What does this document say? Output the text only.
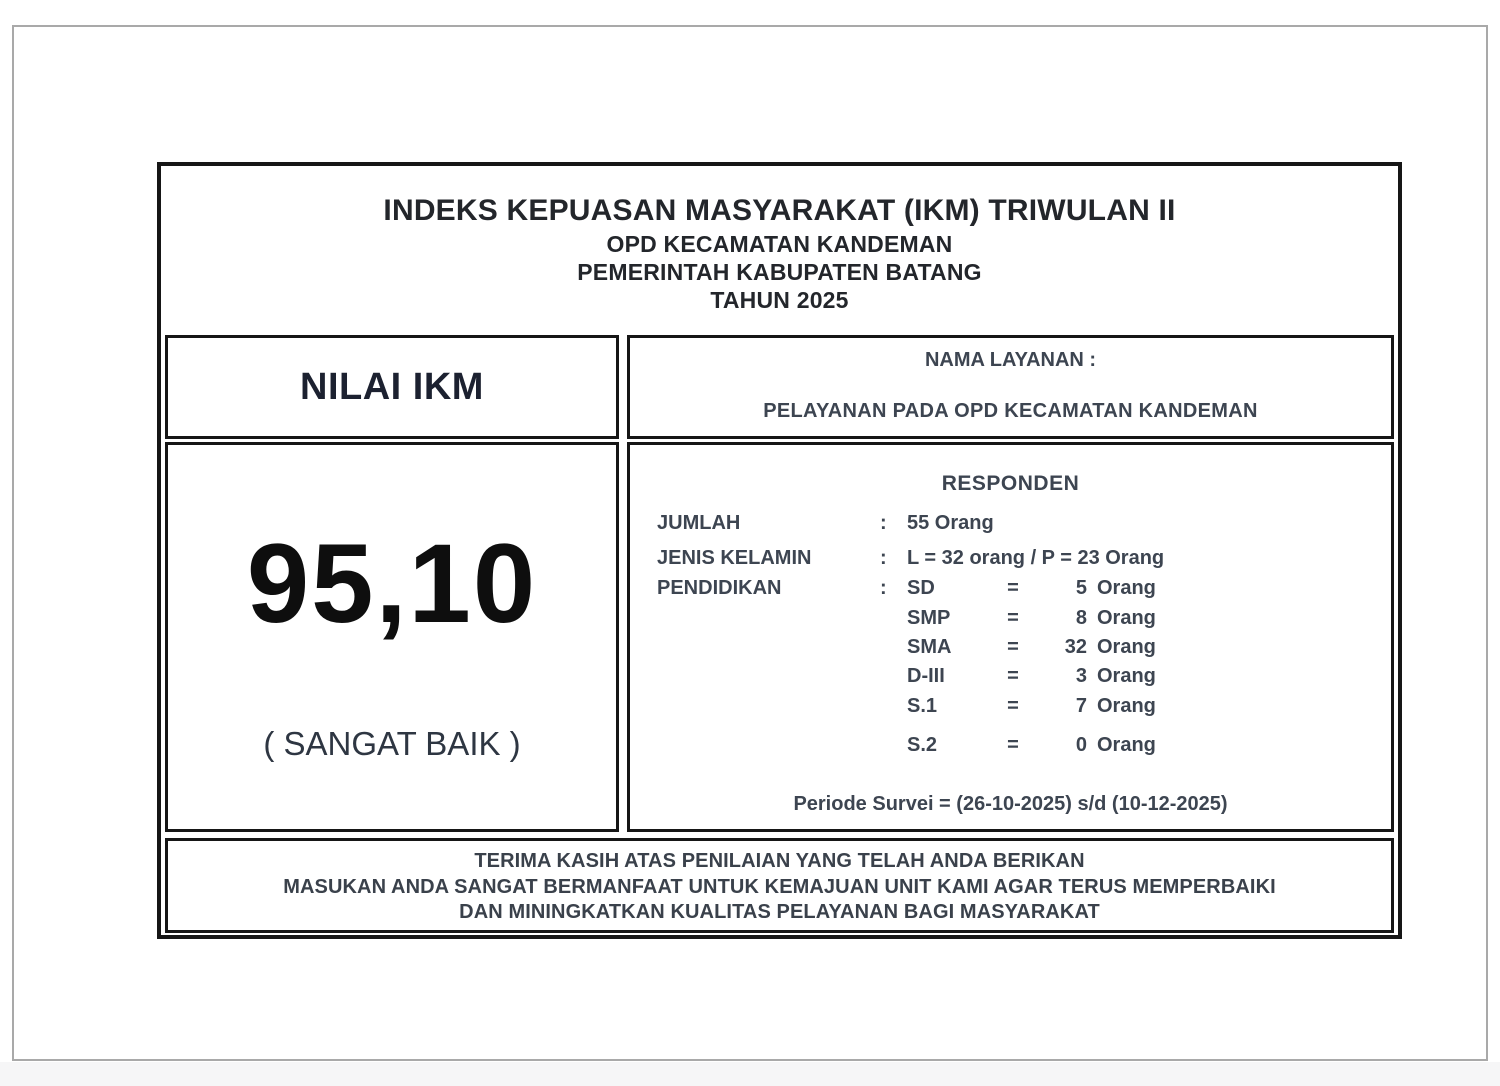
INDEKS KEPUASAN MASYARAKAT (IKM) TRIWULAN II
OPD KECAMATAN KANDEMAN
PEMERINTAH KABUPATEN BATANG
TAHUN 2025
NILAI IKM
95,10
( SANGAT BAIK )
NAMA LAYANAN :
PELAYANAN PADA OPD KECAMATAN KANDEMAN
RESPONDEN
JUMLAH	: 55 Orang
JENIS KELAMIN	: L = 32 orang / P = 23 Orang
PENDIDIKAN	: SD	=	5 Orang
SMP	=	8 Orang
SMA	=	32 Orang
D-III	=	3 Orang
S.1	=	7 Orang
S.2	=	0 Orang
Periode Survei = (26-10-2025) s/d (10-12-2025)
TERIMA KASIH ATAS PENILAIAN YANG TELAH ANDA BERIKAN
MASUKAN ANDA SANGAT BERMANFAAT UNTUK KEMAJUAN UNIT KAMI AGAR TERUS MEMPERBAIKI
DAN MININGKATKAN KUALITAS PELAYANAN BAGI MASYARAKAT
